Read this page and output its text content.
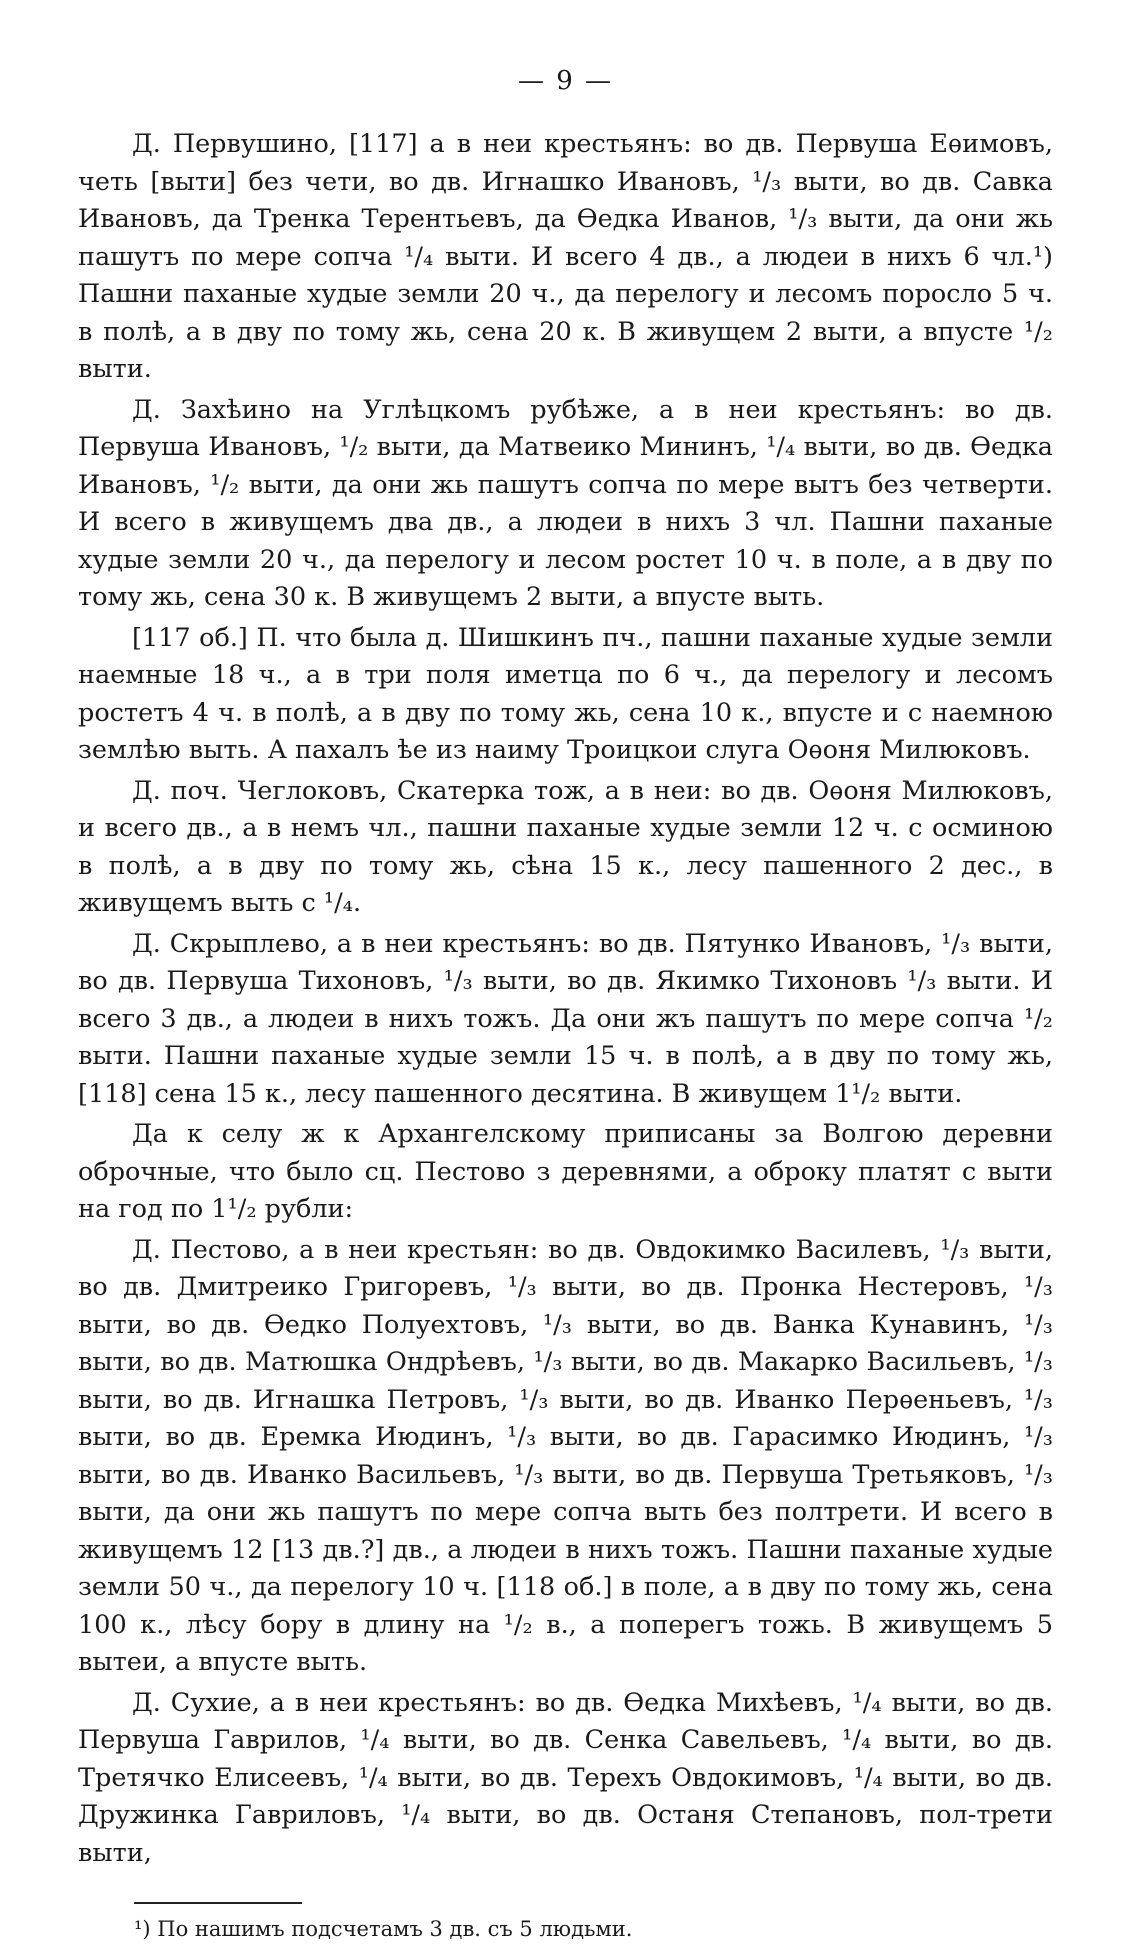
— 9 —

Д. Первушино, [117] а в неи крестьянъ: во дв. Первуша Еѳимовъ, четь [выти] без чети, во дв. Игнашко Ивановъ, ¹/₃ выти, во дв. Савка Ивановъ, да Тренка Терентьевъ, да Ѳедка Иванов, ¹/₃ выти, да они жь пашутъ по мере сопча ¹/₄ выти. И всего 4 дв., а людеи в нихъ 6 чл.¹) Пашни паханые худые земли 20 ч., да перелогу и лесомъ поросло 5 ч. в полѣ, а в дву по тому жь, сена 20 к. В живущем 2 выти, а впусте ¹/₂ выти.

Д. Захѣино на Углѣцкомъ рубѣже, а в неи крестьянъ: во дв. Первуша Ивановъ, ¹/₂ выти, да Матвеико Мининъ, ¹/₄ выти, во дв. Ѳедка Ивановъ, ¹/₂ выти, да они жь пашутъ сопча по мере вытъ без четверти. И всего в живущемъ два дв., а людеи в нихъ 3 чл. Пашни паханые худые земли 20 ч., да перелогу и лесом ростет 10 ч. в поле, а в дву по тому жь, сена 30 к. В живущемъ 2 выти, а впусте выть.

[117 об.] П. что была д. Шишкинъ пч., пашни паханые худые земли наемные 18 ч., а в три поля иметца по 6 ч., да перелогу и лесомъ ростетъ 4 ч. в полѣ, а в дву по тому жь, сена 10 к., впусте и с наемною землѣю выть. А пахалъ ѣе из наиму Троицкои слуга Оѳоня Милюковъ.

Д. поч. Чеглоковъ, Скатерка тож, а в неи: во дв. Оѳоня Милюковъ, и всего дв., а в немъ чл., пашни паханые худые земли 12 ч. с осминою в полѣ, а в дву по тому жь, сѣна 15 к., лесу пашенного 2 дес., в живущемъ выть с ¹/₄.

Д. Скрыплево, а в неи крестьянъ: во дв. Пятунко Ивановъ, ¹/₃ выти, во дв. Первуша Тихоновъ, ¹/₃ выти, во дв. Якимко Тихоновъ ¹/₃ выти. И всего 3 дв., а людеи в нихъ тожъ. Да они жъ пашутъ по мере сопча ¹/₂ выти. Пашни паханые худые земли 15 ч. в полѣ, а в дву по тому жь, [118] сена 15 к., лесу пашенного десятина. В живущем 1¹/₂ выти.

Да к селу ж к Архангелскому приписаны за Волгою деревни оброчные, что было сц. Пестово з деревнями, а оброку платят с выти на год по 1¹/₂ рубли:

Д. Пестово, а в неи крестьян: во дв. Овдокимко Василевъ, ¹/₃ выти, во дв. Дмитреико Григоревъ, ¹/₃ выти, во дв. Пронка Нестеровъ, ¹/₃ выти, во дв. Ѳедко Полуехтовъ, ¹/₃ выти, во дв. Ванка Кунавинъ, ¹/₃ выти, во дв. Матюшка Ондрѣевъ, ¹/₃ выти, во дв. Макарко Васильевъ, ¹/₃ выти, во дв. Игнашка Петровъ, ¹/₃ выти, во дв. Иванко Перѳеньевъ, ¹/₃ выти, во дв. Еремка Июдинъ, ¹/₃ выти, во дв. Гарасимко Июдинъ, ¹/₃ выти, во дв. Иванко Васильевъ, ¹/₃ выти, во дв. Первуша Третьяковъ, ¹/₃ выти, да они жь пашутъ по мере сопча выть без полтрети. И всего в живущемъ 12 [13 дв.?] дв., а людеи в нихъ тожъ. Пашни паханые худые земли 50 ч., да перелогу 10 ч. [118 об.] в поле, а в дву по тому жь, сена 100 к., лѣсу бору в длину на ¹/₂ в., а поперегъ тожь. В живущемъ 5 вытеи, а впусте выть.

Д. Сухие, а в неи крестьянъ: во дв. Ѳедка Михѣевъ, ¹/₄ выти, во дв. Первуша Гаврилов, ¹/₄ выти, во дв. Сенка Савельевъ, ¹/₄ выти, во дв. Третячко Елисеевъ, ¹/₄ выти, во дв. Терехъ Овдокимовъ, ¹/₄ выти, во дв. Дружинка Гавриловъ, ¹/₄ выти, во дв. Останя Степановъ, пол-трети выти,

¹) По нашимъ подсчетамъ 3 дв. съ 5 людьми.
